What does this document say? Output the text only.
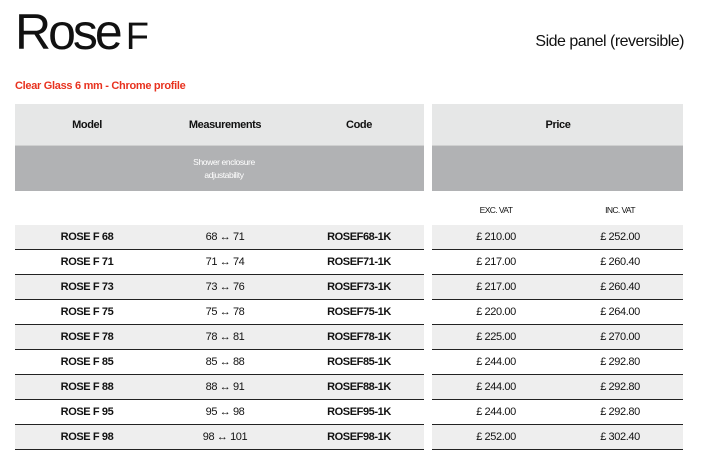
Rose F	Side panel (reversible)
Clear Glass 6 mm - Chrome profile
Model	Measurements	Code	Price
Shower enclosure
adjustability
EXC. VAT	INC. VAT
ROSE F 68	68 ↔ 71	ROSEF68-1K	£ 210.00	£ 252.00
ROSE F 71	71 ↔ 74	ROSEF71-1K	£ 217.00	£ 260.40
ROSE F 73	73 ↔ 76	ROSEF73-1K	£ 217.00	£ 260.40
ROSE F 75	75 ↔ 78	ROSEF75-1K	£ 220.00	£ 264.00
ROSE F 78	78 ↔ 81	ROSEF78-1K	£ 225.00	£ 270.00
ROSE F 85	85 ↔ 88	ROSEF85-1K	£ 244.00	£ 292.80
ROSE F 88	88 ↔ 91	ROSEF88-1K	£ 244.00	£ 292.80
ROSE F 95	95 ↔ 98	ROSEF95-1K	£ 244.00	£ 292.80
ROSE F 98	98 ↔ 101	ROSEF98-1K	£ 252.00	£ 302.40
